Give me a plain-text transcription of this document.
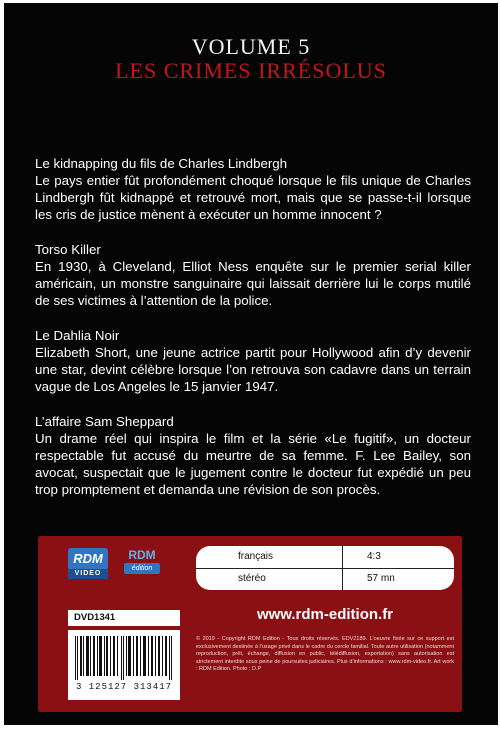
VOLUME 5
LES CRIMES IRRÉSOLUS
Le kidnapping du fils de Charles Lindbergh
Le pays entier fût profondément choqué lorsque le fils unique de Charles Lindbergh fût kidnappé et retrouvé mort, mais que se passe-t-il lorsque les cris de justice mènent à exécuter un homme innocent ?
Torso Killer
En 1930, à Cleveland, Elliot Ness enquête sur le premier serial killer américain, un monstre sanguinaire qui laissait derrière lui le corps mutilé de ses victimes à l’attention de la police.
Le Dahlia Noir
Elizabeth Short, une jeune actrice partit pour Hollywood afin d’y devenir une star, devint célèbre lorsque l’on retrouva son cadavre dans un terrain vague de Los Angeles le 15 janvier 1947.
L’affaire Sam Sheppard
Un drame réel qui inspira le film et la série «Le fugitif», un docteur respectable fut accusé du meurtre de sa femme. F. Lee Bailey, son avocat, suspectait que le jugement contre le docteur fut expédié un peu trop promptement et demanda une révision de son procès.
RDM
VIDEO
RDM
édition
français	4:3
stéréo	57 mn
DVD1341
3 125127 313417
www.rdm-edition.fr
© 2019 - Copyright RDM Edition - Tous droits réservés. EDV2189. L’oeuvre fixée sur ce support est exclusivement destinée à l’usage privé dans le cadre du cercle familial. Toute autre utilisation (notamment reproduction, prêt, échange, diffusion en public, télédiffusion, exportation) sans autorisation est strictement interdite sous peine de poursuites judiciaires. Plus d’informations : www.rdm-video.fr. Art work : RDM Edition. Photo : D.P
